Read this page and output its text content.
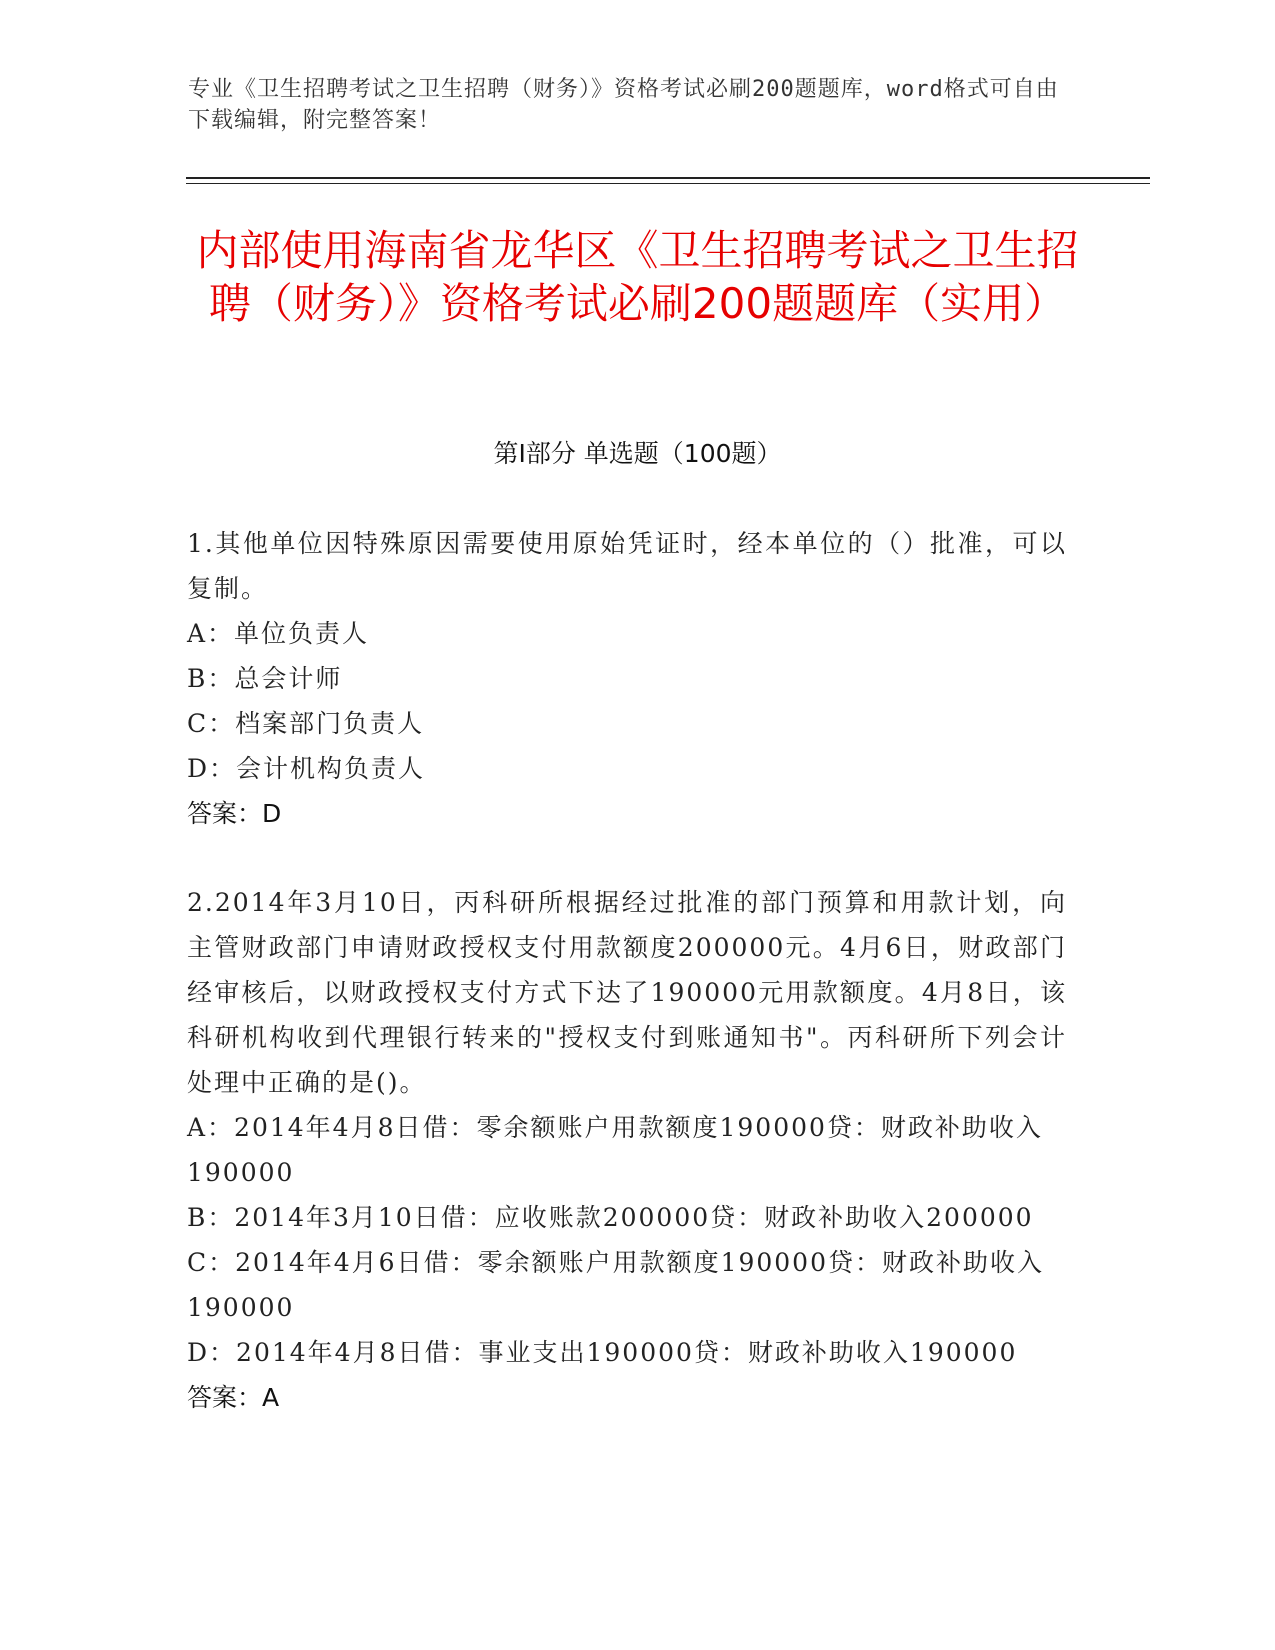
专业《卫生招聘考试之卫生招聘（财务）》资格考试必刷200题题库，word格式可自由下载编辑，附完整答案！
内部使用海南省龙华区《卫生招聘考试之卫生招聘（财务）》资格考试必刷200题题库（实用）
第Ⅰ部分 单选题（100题）
1.其他单位因特殊原因需要使用原始凭证时，经本单位的（）批准，可以复制。
A：单位负责人
B：总会计师
C：档案部门负责人
D：会计机构负责人
答案：D
2.2014年3月10日，丙科研所根据经过批准的部门预算和用款计划，向主管财政部门申请财政授权支付用款额度200000元。4月6日，财政部门经审核后，以财政授权支付方式下达了190000元用款额度。4月8日，该科研机构收到代理银行转来的"授权支付到账通知书"。丙科研所下列会计处理中正确的是()。
A：2014年4月8日借：零余额账户用款额度190000贷：财政补助收入190000
B：2014年3月10日借：应收账款200000贷：财政补助收入200000
C：2014年4月6日借：零余额账户用款额度190000贷：财政补助收入190000
D：2014年4月8日借：事业支出190000贷：财政补助收入190000
答案：A
